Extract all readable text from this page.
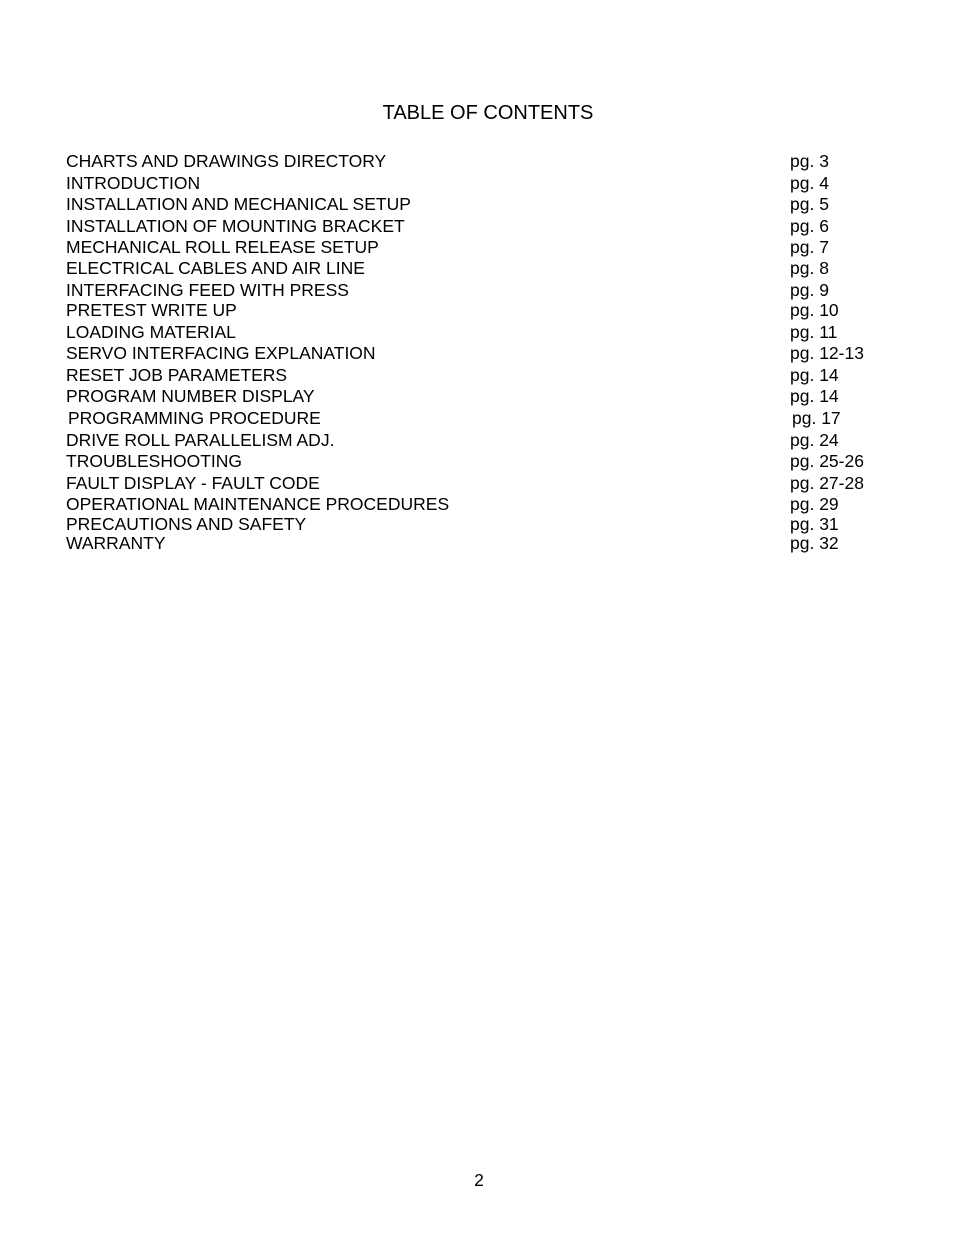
TABLE OF CONTENTS
CHARTS AND DRAWINGS DIRECTORY	pg. 3
INTRODUCTION	pg. 4
INSTALLATION AND MECHANICAL SETUP	pg. 5
INSTALLATION OF MOUNTING BRACKET	pg. 6
MECHANICAL ROLL RELEASE SETUP	pg. 7
ELECTRICAL CABLES AND AIR LINE	pg. 8
INTERFACING FEED WITH PRESS	pg. 9
PRETEST WRITE UP	pg. 10
LOADING MATERIAL	pg. 11
SERVO INTERFACING EXPLANATION	pg. 12-13
RESET JOB PARAMETERS	pg. 14
PROGRAM NUMBER DISPLAY	pg. 14
PROGRAMMING PROCEDURE	pg. 17
DRIVE ROLL PARALLELISM ADJ.	pg. 24
TROUBLESHOOTING	pg. 25-26
FAULT DISPLAY - FAULT CODE	pg. 27-28
OPERATIONAL MAINTENANCE PROCEDURES	pg. 29
PRECAUTIONS AND SAFETY	pg. 31
WARRANTY	pg. 32
2
